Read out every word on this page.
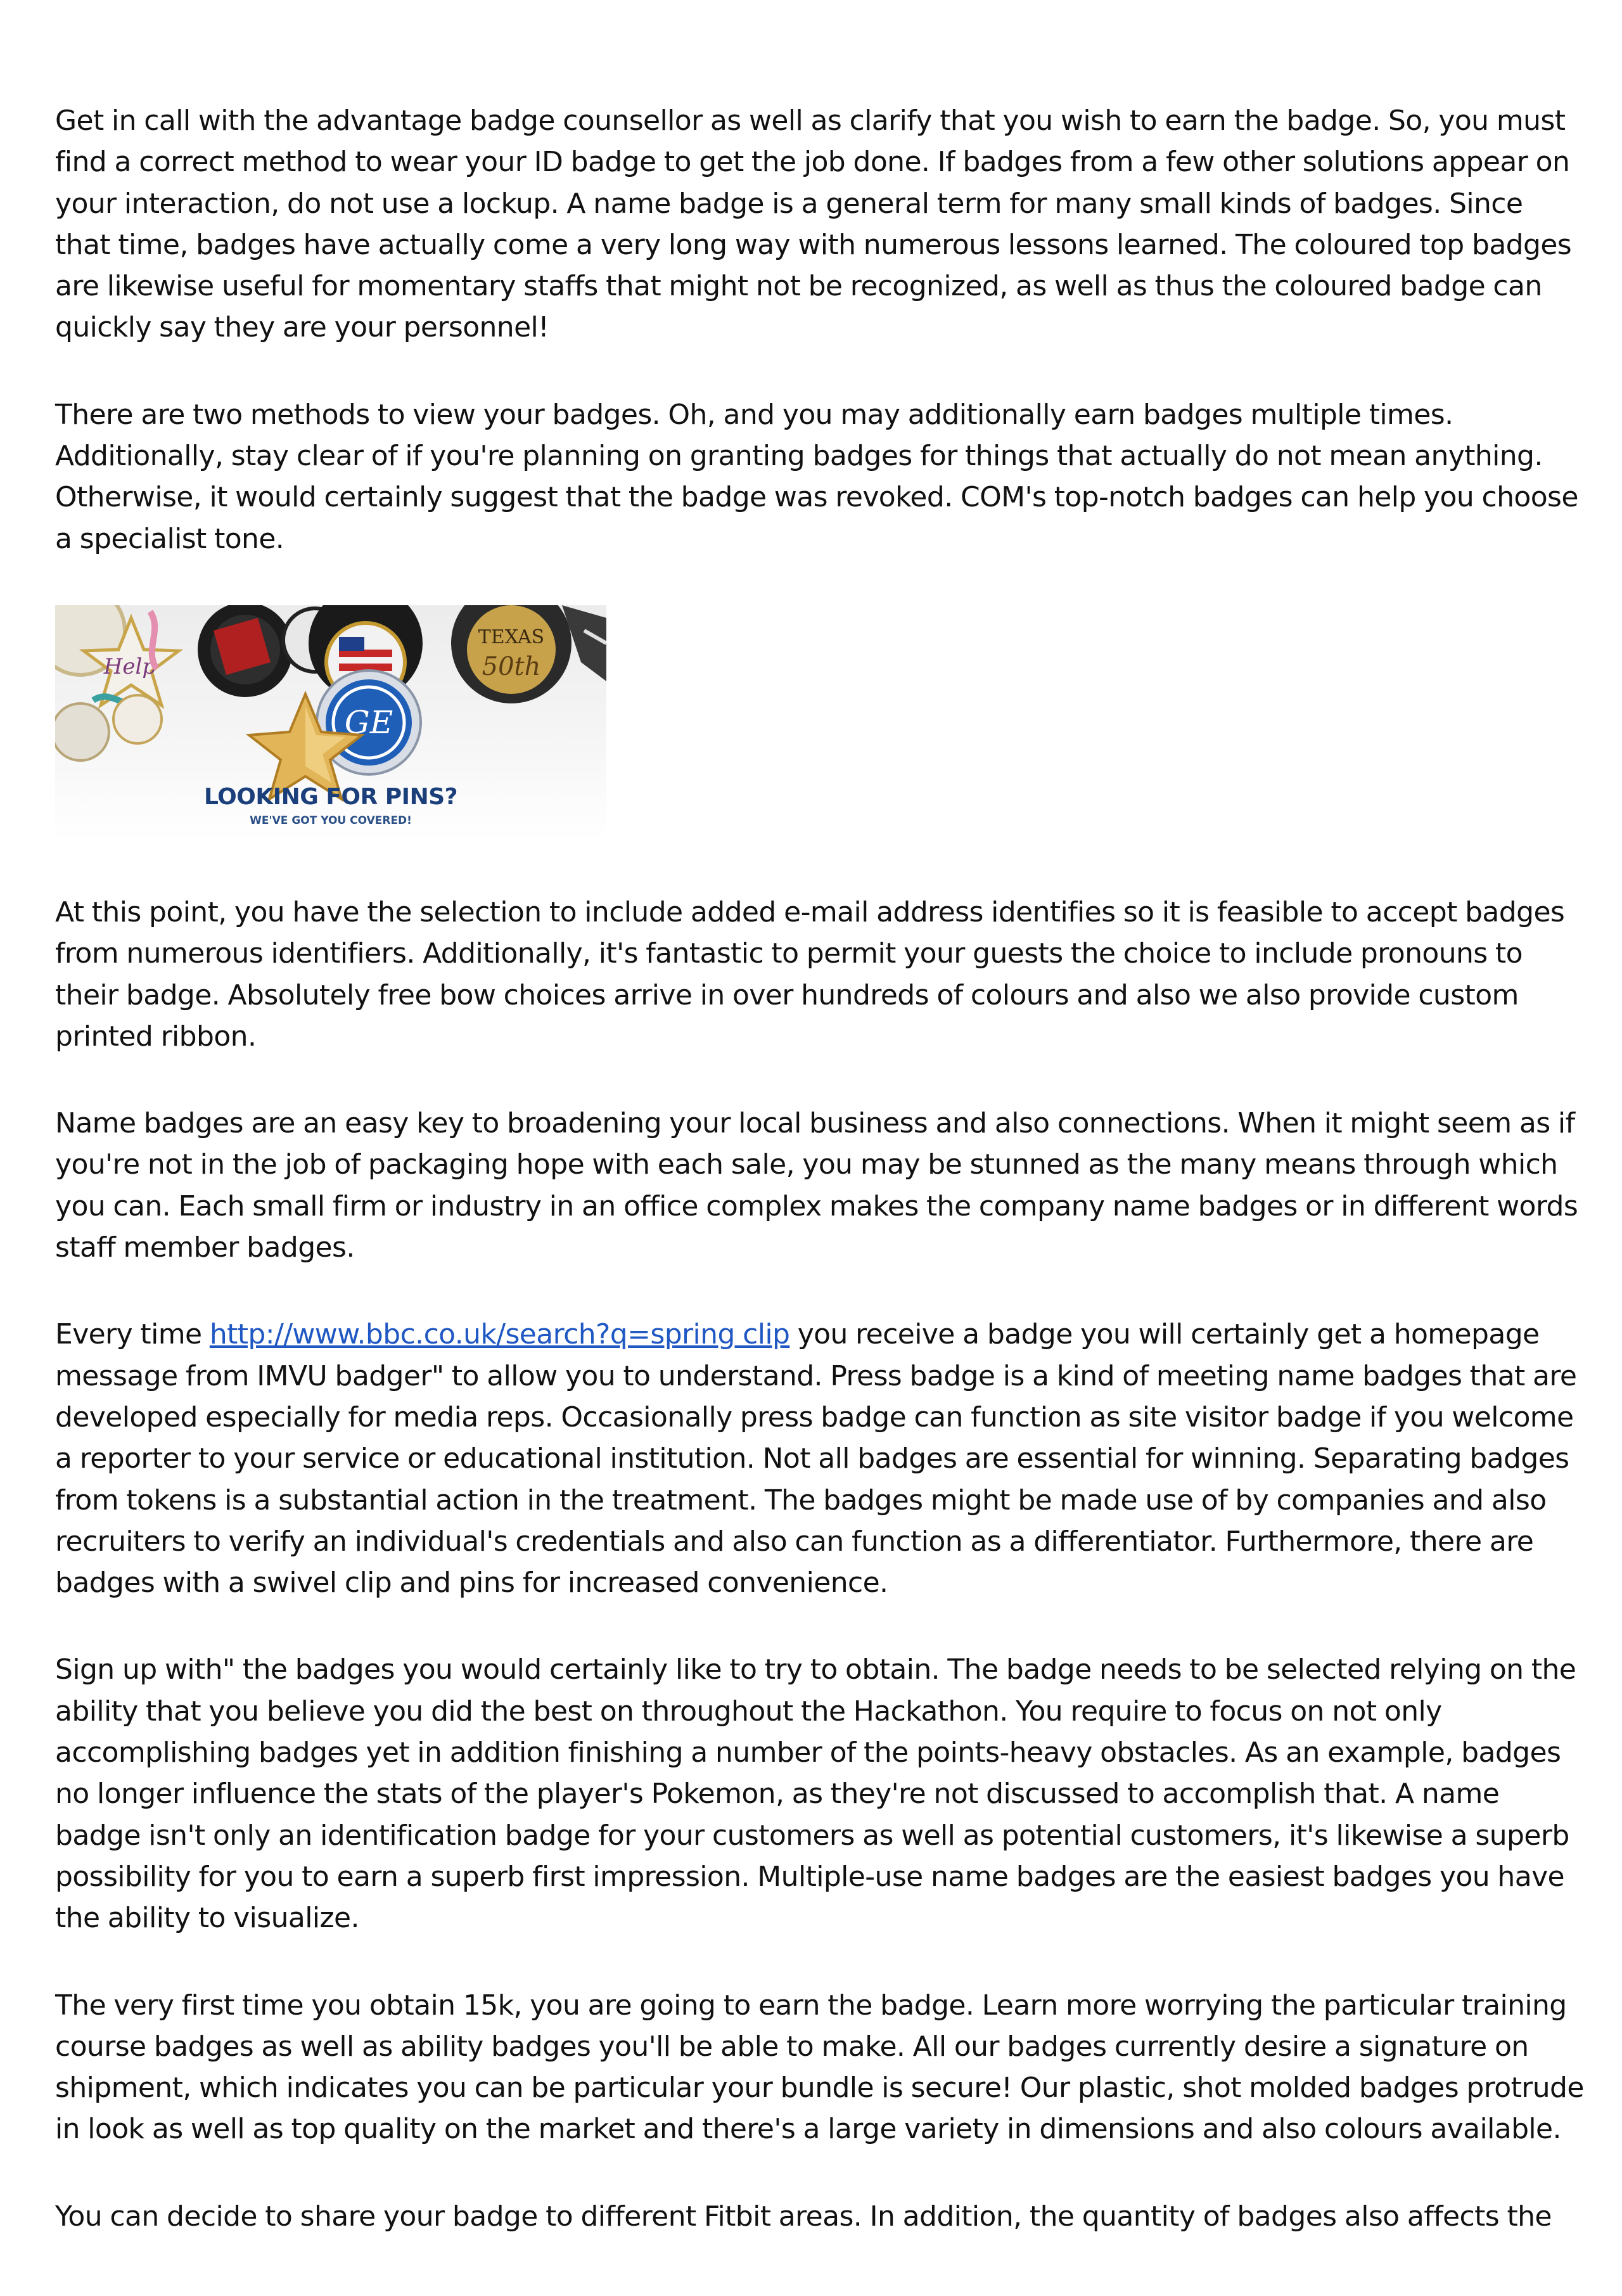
Get in call with the advantage badge counsellor as well as clarify that you wish to earn the badge. So, you must find a correct method to wear your ID badge to get the job done. If badges from a few other solutions appear on your interaction, do not use a lockup. A name badge is a general term for many small kinds of badges. Since that time, badges have actually come a very long way with numerous lessons learned. The coloured top badges are likewise useful for momentary staffs that might not be recognized, as well as thus the coloured badge can quickly say they are your personnel!

There are two methods to view your badges. Oh, and you may additionally earn badges multiple times. Additionally, stay clear of if you're planning on granting badges for things that actually do not mean anything. Otherwise, it would certainly suggest that the badge was revoked. COM's top-notch badges can help you choose a specialist tone.

Help
TEXAS
50th
GE
LOOKING FOR PINS?
WE'VE GOT YOU COVERED!

At this point, you have the selection to include added e-mail address identifies so it is feasible to accept badges from numerous identifiers. Additionally, it's fantastic to permit your guests the choice to include pronouns to their badge. Absolutely free bow choices arrive in over hundreds of colours and also we also provide custom printed ribbon.

Name badges are an easy key to broadening your local business and also connections. When it might seem as if you're not in the job of packaging hope with each sale, you may be stunned as the many means through which you can. Each small firm or industry in an office complex makes the company name badges or in different words staff member badges.

Every time http://www.bbc.co.uk/search?q=spring clip you receive a badge you will certainly get a homepage message from IMVU badger" to allow you to understand. Press badge is a kind of meeting name badges that are developed especially for media reps. Occasionally press badge can function as site visitor badge if you welcome a reporter to your service or educational institution. Not all badges are essential for winning. Separating badges from tokens is a substantial action in the treatment. The badges might be made use of by companies and also recruiters to verify an individual's credentials and also can function as a differentiator. Furthermore, there are badges with a swivel clip and pins for increased convenience.

Sign up with" the badges you would certainly like to try to obtain. The badge needs to be selected relying on the ability that you believe you did the best on throughout the Hackathon. You require to focus on not only accomplishing badges yet in addition finishing a number of the points-heavy obstacles. As an example, badges no longer influence the stats of the player's Pokemon, as they're not discussed to accomplish that. A name badge isn't only an identification badge for your customers as well as potential customers, it's likewise a superb possibility for you to earn a superb first impression. Multiple-use name badges are the easiest badges you have the ability to visualize.

The very first time you obtain 15k, you are going to earn the badge. Learn more worrying the particular training course badges as well as ability badges you'll be able to make. All our badges currently desire a signature on shipment, which indicates you can be particular your bundle is secure! Our plastic, shot molded badges protrude in look as well as top quality on the market and there's a large variety in dimensions and also colours available.

You can decide to share your badge to different Fitbit areas. In addition, the quantity of badges also affects the
